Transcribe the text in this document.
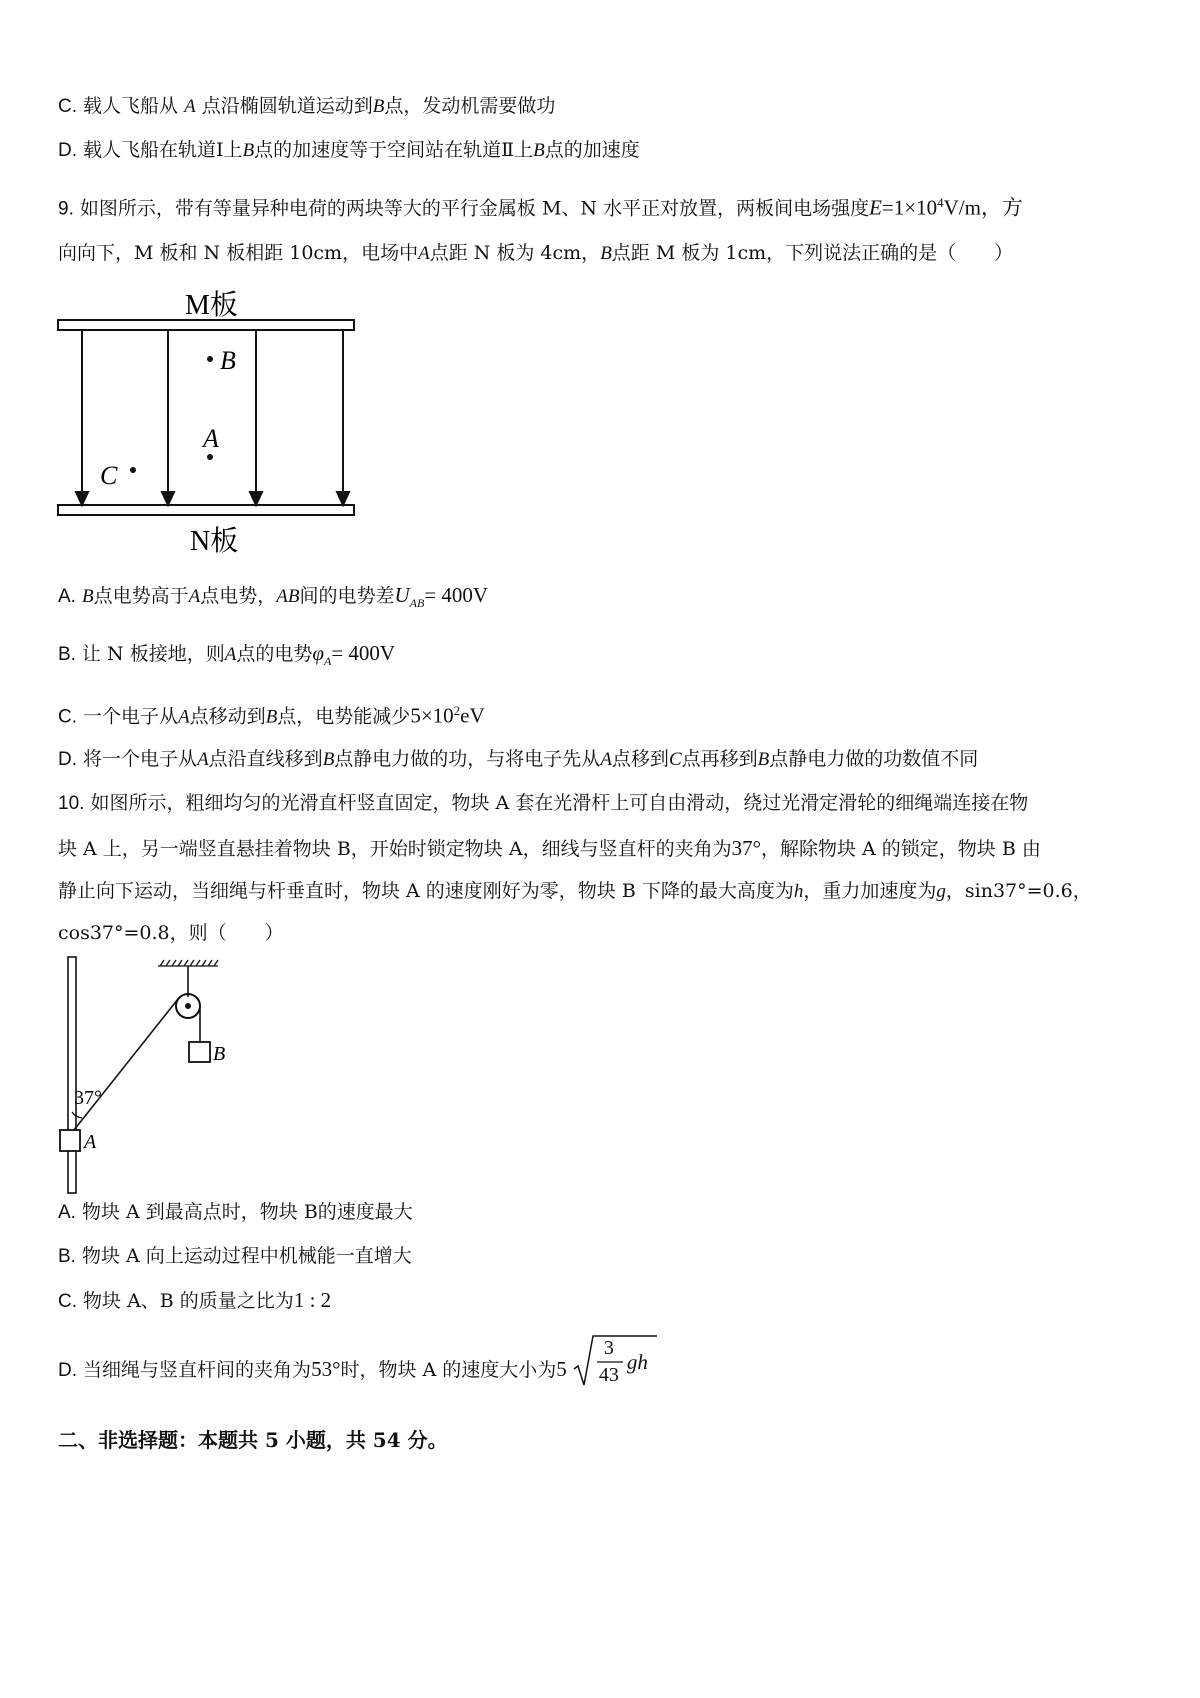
C. 载人飞船从 A 点沿椭圆轨道运动到B点，发动机需要做功
D. 载人飞船在轨道Ⅰ上B点的加速度等于空间站在轨道Ⅱ上B点的加速度
9. 如图所示，带有等量异种电荷的两块等大的平行金属板 M、N 水平正对放置，两板间电场强度$E=1\times 10^4V/m$，方
向向下，M 板和 N 板相距 10cm，电场中A点距 N 板为 4cm，B点距 M 板为 1cm，下列说法正确的是（　　）
M板
N板
B
A
C
A. B点电势高于A点电势，AB间的电势差$U_{AB}= 400V$
B. 让 N 板接地，则A点的电势$\varphi_A= 400V$
C. 一个电子从A点移动到B点，电势能减少$5\times 10^2eV$
D. 将一个电子从A点沿直线移到B点静电力做的功，与将电子先从A点移到C点再移到B点静电力做的功数值不同
10. 如图所示，粗细均匀的光滑直杆竖直固定，物块 A 套在光滑杆上可自由滑动，绕过光滑定滑轮的细绳端连接在物
块 A 上，另一端竖直悬挂着物块 B，开始时锁定物块 A，细线与竖直杆的夹角为37°，解除物块 A 的锁定，物块 B 由
静止向下运动，当细绳与杆垂直时，物块 A 的速度刚好为零，物块 B 下降的最大高度为h，重力加速度为g，sin37°=0.6，
cos37°=0.8，则（　　）
B
37°
A
A. 物块 A 到最高点时，物块 B的速度最大
B. 物块 A 向上运动过程中机械能一直增大
C. 物块 A、B 的质量之比为1 : 2
D. 当细绳与竖直杆间的夹角为53°时，物块 A 的速度大小为5
3
43
gh
二、非选择题：本题共 5 小题，共 54 分。
